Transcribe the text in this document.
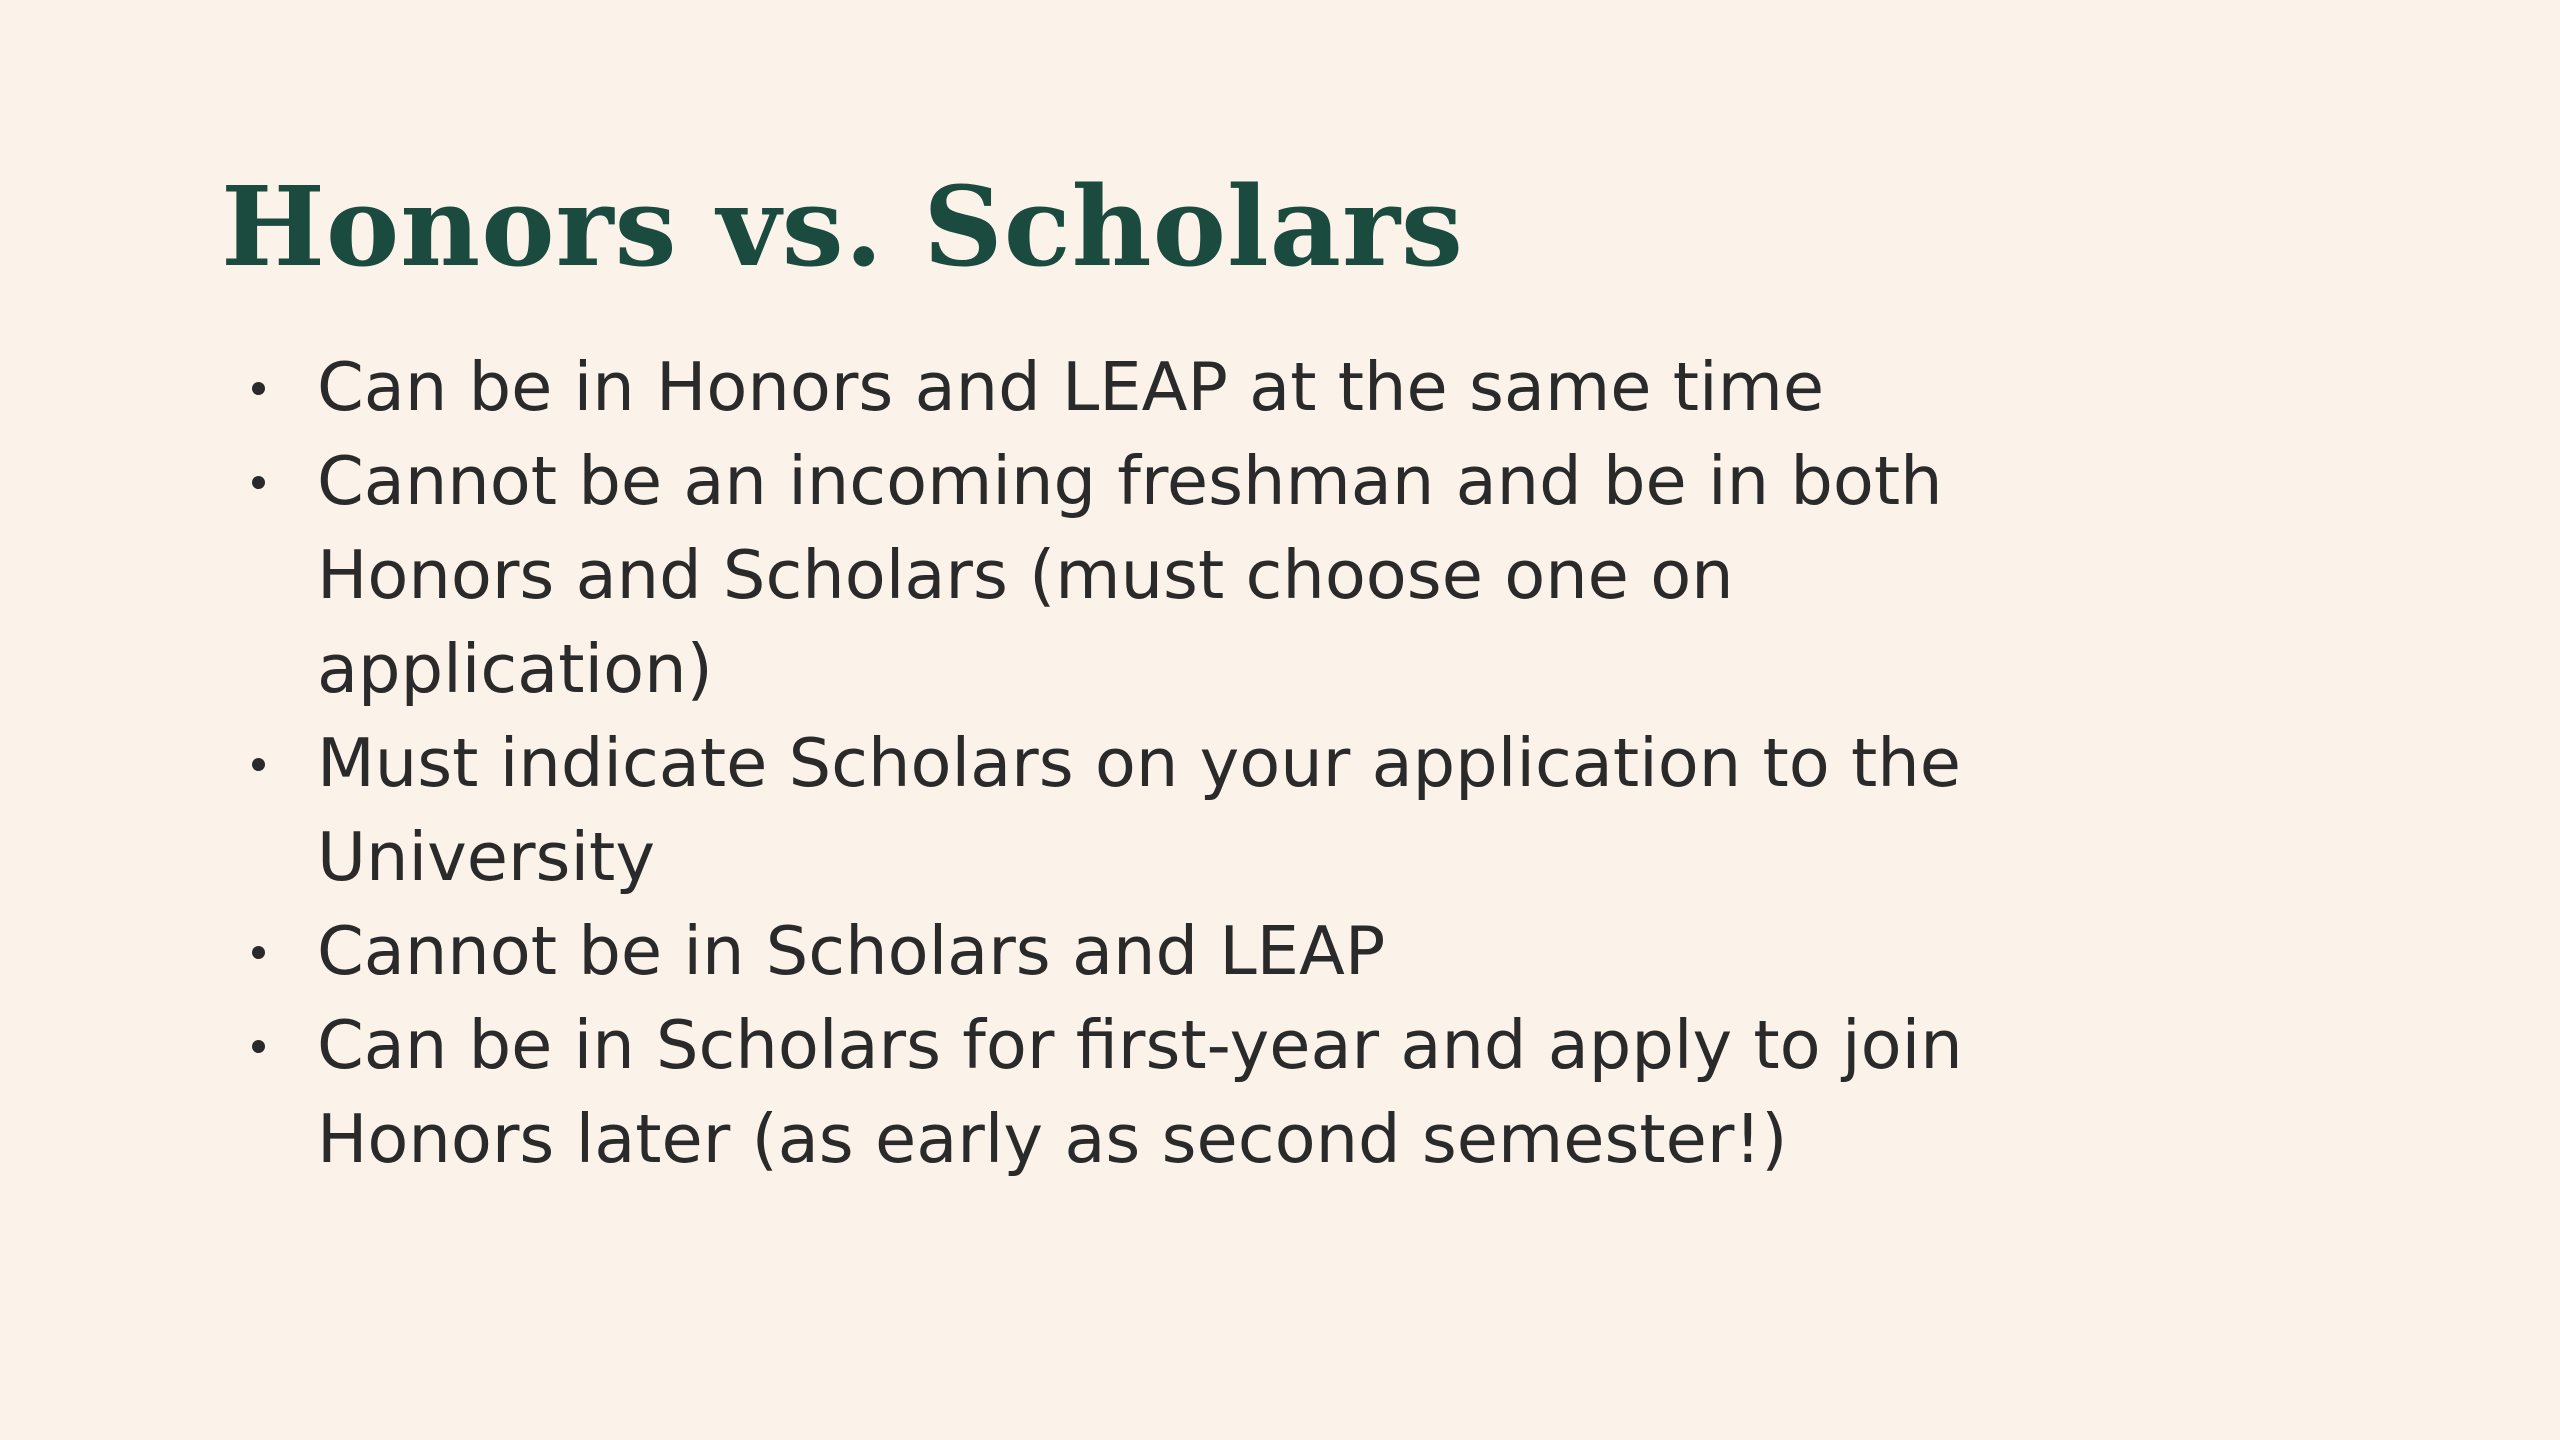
Honors vs. Scholars
Can be in Honors and LEAP at the same time
Cannot be an incoming freshman and be in both
Honors and Scholars (must choose one on
application)
Must indicate Scholars on your application to the
University
Cannot be in Scholars and LEAP
Can be in Scholars for first-year and apply to join
Honors later (as early as second semester!)
